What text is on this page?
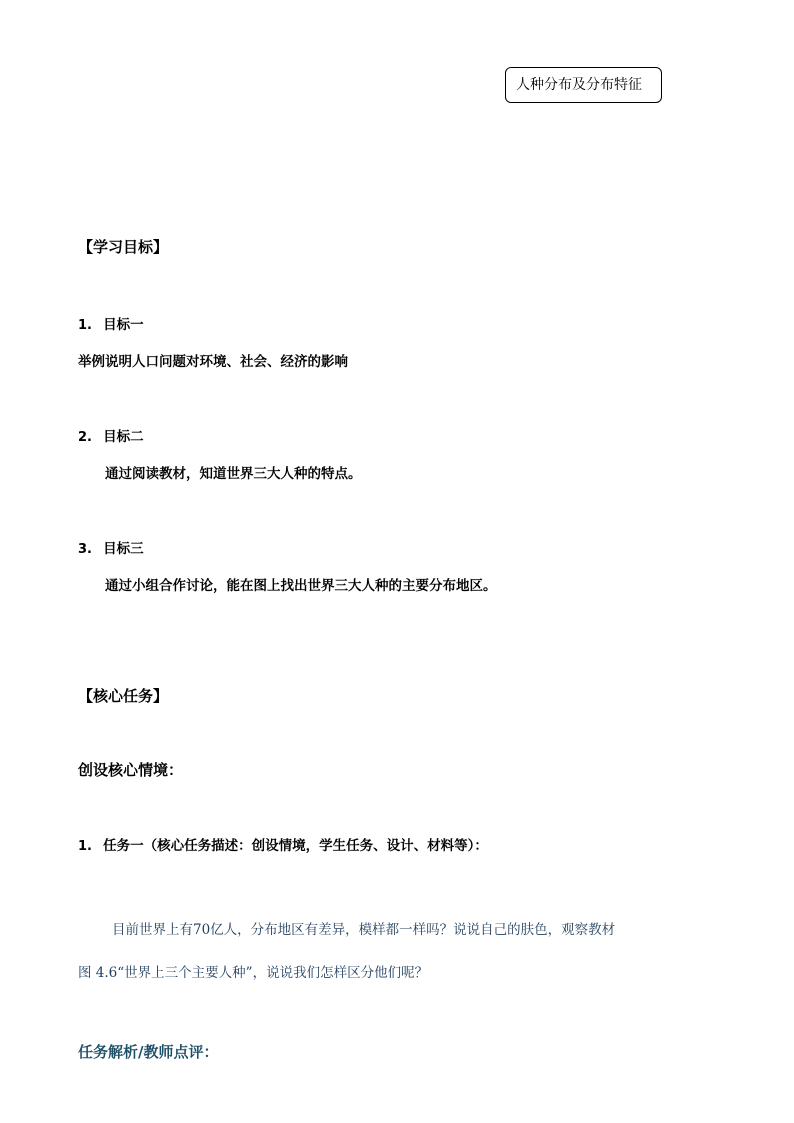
人种分布及分布特征
【学习目标】
1. 目标一
举例说明人口问题对环境、社会、经济的影响
2. 目标二
通过阅读教材，知道世界三大人种的特点。
3. 目标三
通过小组合作讨论，能在图上找出世界三大人种的主要分布地区。
【核心任务】
创设核心情境：
1. 任务一（核心任务描述：创设情境，学生任务、设计、材料等）：
目前世界上有70亿人，分布地区有差异，模样都一样吗？说说自己的肤色，观察教材
图 4.6“世界上三个主要人种”，说说我们怎样区分他们呢？
任务解析/教师点评：
